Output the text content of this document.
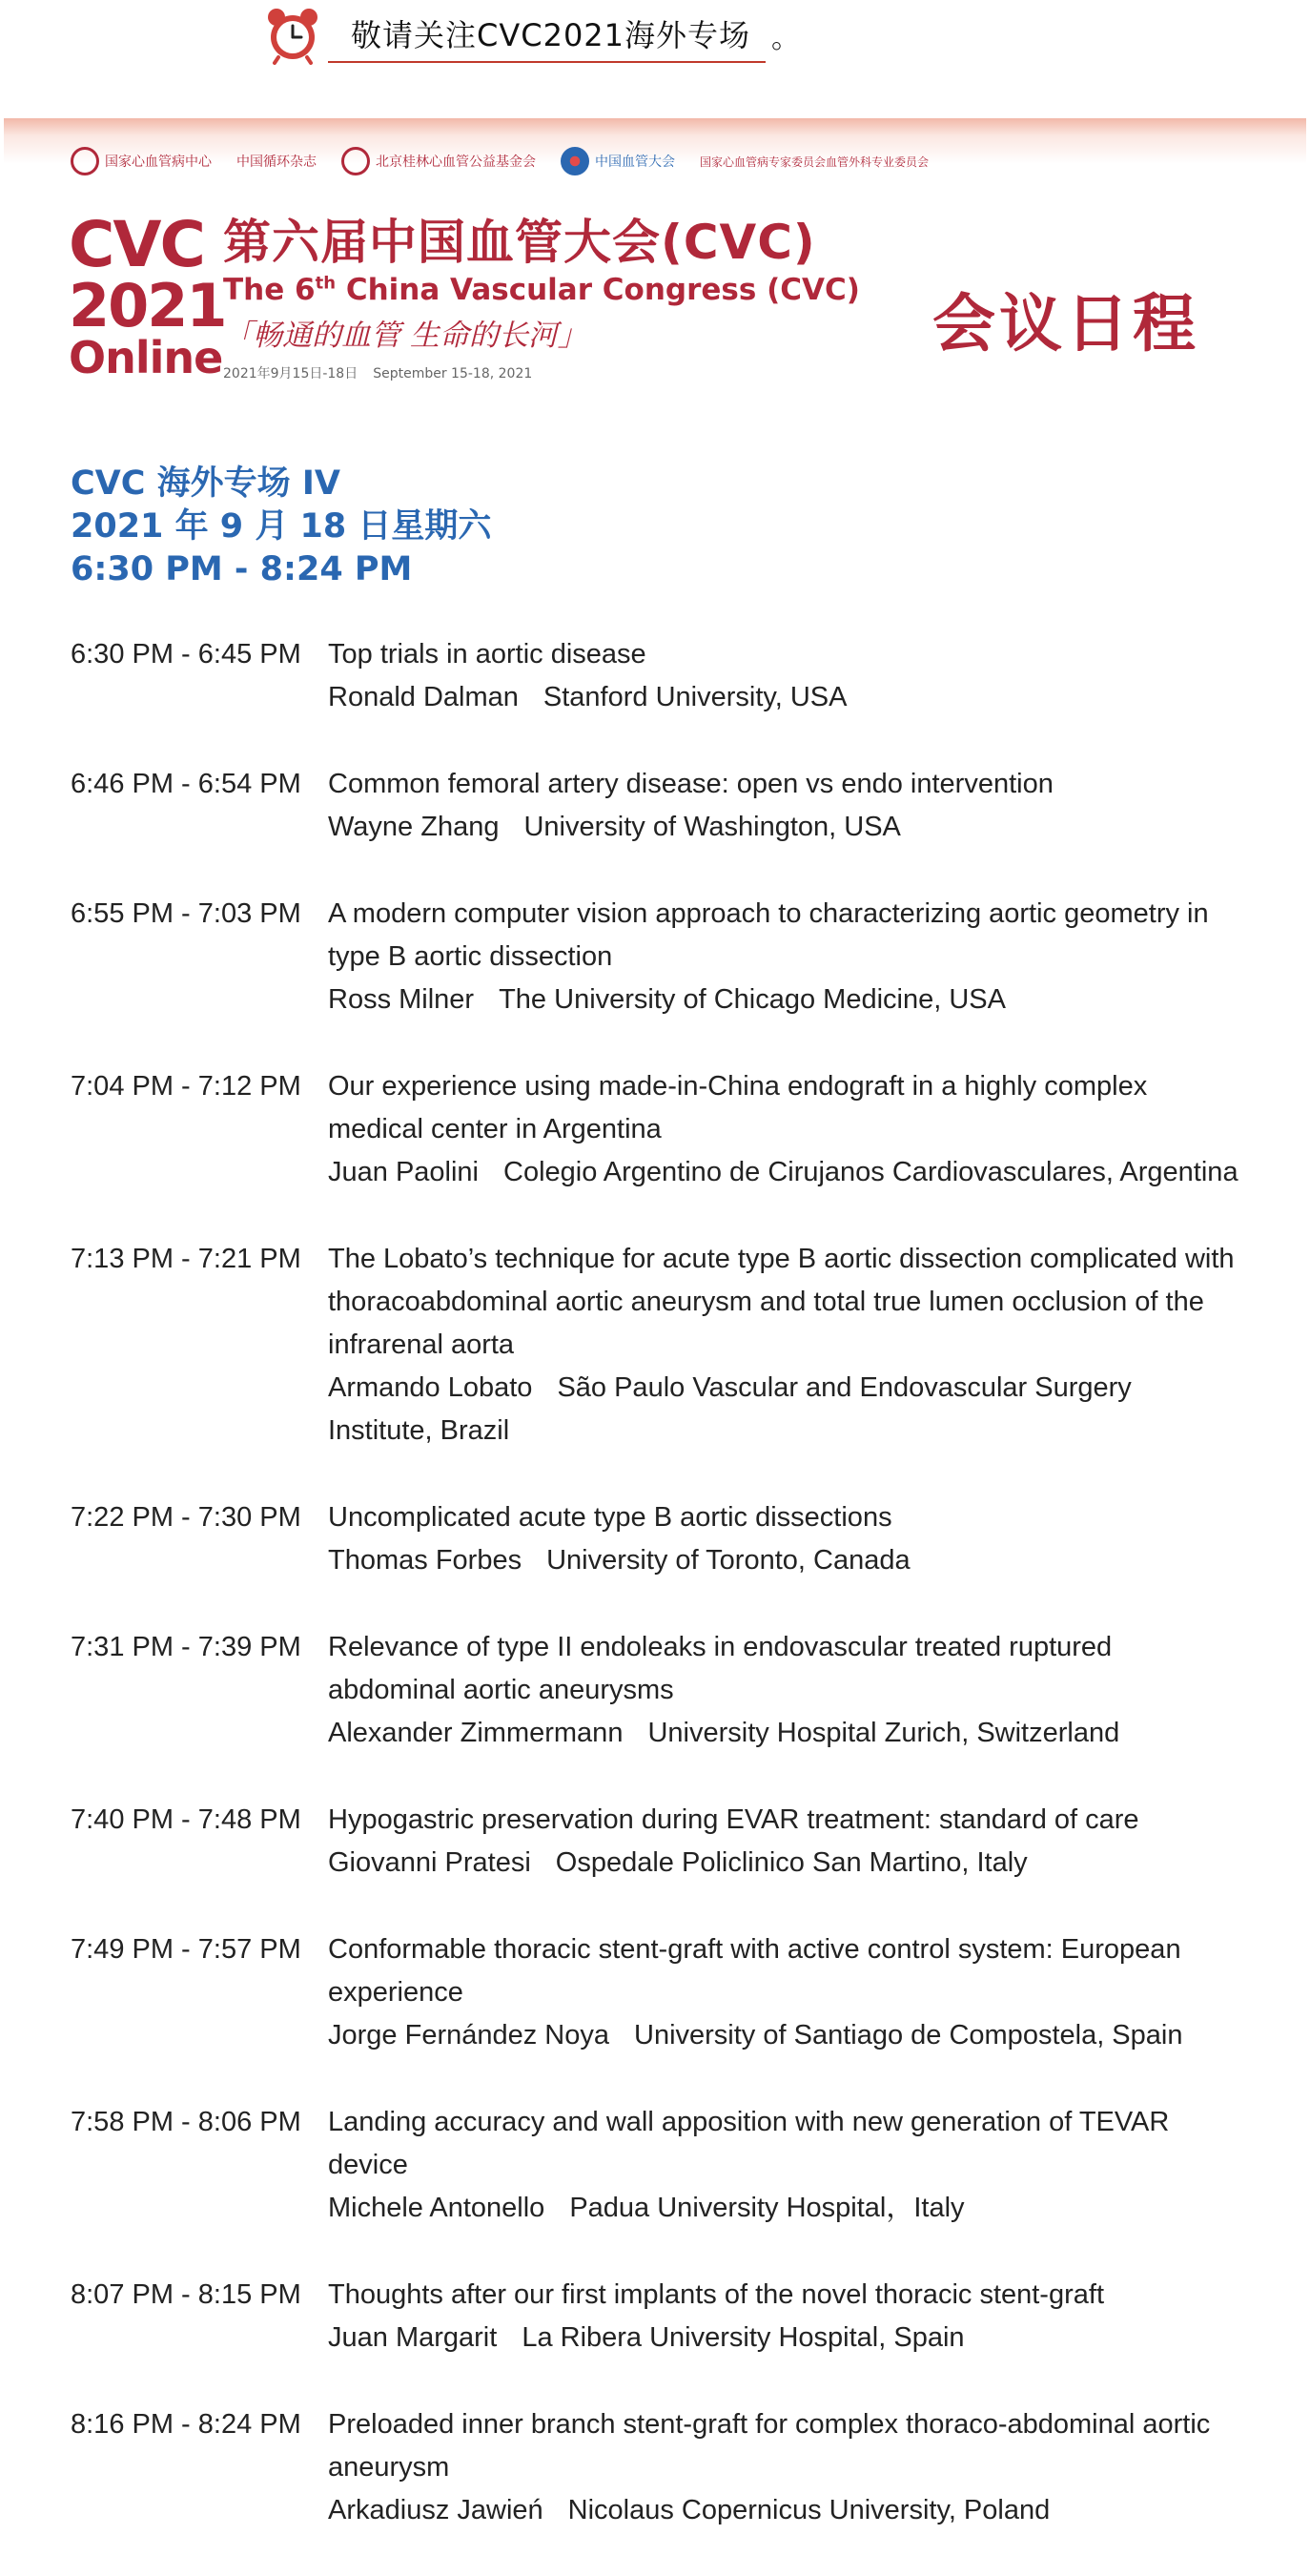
敬请关注CVC2021海外专场 。
国家心血管病中心 中国循环杂志	北京桂林心血管公益基金会	中国血管大会 国家心血管病专家委员会血管外科专业委员会
CVC
2021
Online
第六届中国血管大会(CVC)
The 6th China Vascular Congress (CVC)
「畅通的血管 生命的长河」
2021年9月15日-18日 September 15-18, 2021
会议日程
CVC 海外专场 IV
2021 年 9 月 18 日星期六
6:30 PM - 8:24 PM
6:30 PM - 6:45 PM Top trials in aortic disease
Ronald Dalman Stanford University, USA
6:46 PM - 6:54 PM Common femoral artery disease: open vs endo intervention
Wayne Zhang University of Washington, USA
6:55 PM - 7:03 PM A modern computer vision approach to characterizing aortic geometry in type B aortic dissection
Ross Milner The University of Chicago Medicine, USA
7:04 PM - 7:12 PM Our experience using made-in-China endograft in a highly complex medical center in Argentina
Juan Paolini Colegio Argentino de Cirujanos Cardiovasculares, Argentina
7:13 PM - 7:21 PM The Lobato’s technique for acute type B aortic dissection complicated with thoracoabdominal aortic aneurysm and total true lumen occlusion of the infrarenal aorta
Armando Lobato São Paulo Vascular and Endovascular Surgery Institute, Brazil
7:22 PM - 7:30 PM Uncomplicated acute type B aortic dissections
Thomas Forbes University of Toronto, Canada
7:31 PM - 7:39 PM Relevance of type II endoleaks in endovascular treated ruptured abdominal aortic aneurysms
Alexander Zimmermann University Hospital Zurich, Switzerland
7:40 PM - 7:48 PM Hypogastric preservation during EVAR treatment: standard of care
Giovanni Pratesi Ospedale Policlinico San Martino, Italy
7:49 PM - 7:57 PM Conformable thoracic stent-graft with active control system: European experience
Jorge Fernández Noya University of Santiago de Compostela, Spain
7:58 PM - 8:06 PM Landing accuracy and wall apposition with new generation of TEVAR device
Michele Antonello Padua University Hospital，Italy
8:07 PM - 8:15 PM Thoughts after our first implants of the novel thoracic stent-graft
Juan Margarit La Ribera University Hospital, Spain
8:16 PM - 8:24 PM Preloaded inner branch stent-graft for complex thoraco-abdominal aortic aneurysm
Arkadiusz Jawień Nicolaus Copernicus University, Poland
